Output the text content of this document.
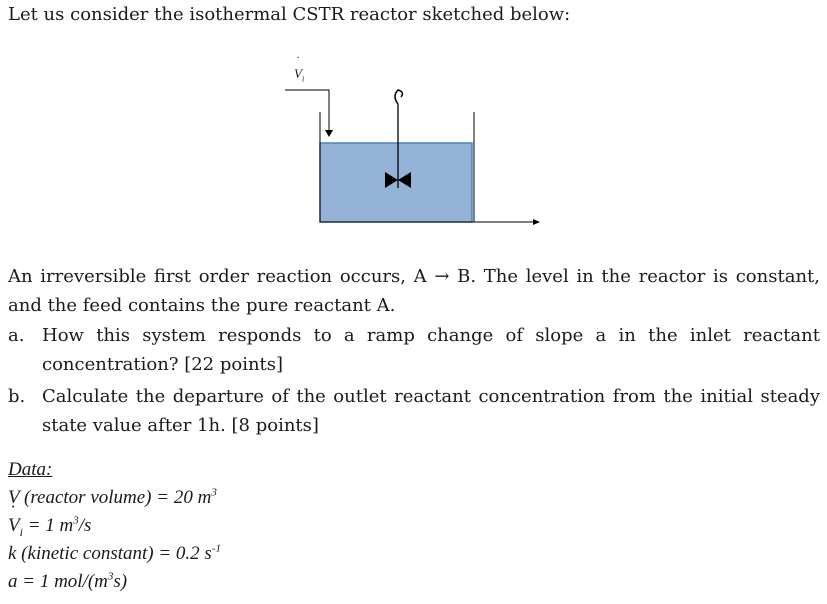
Let us consider the isothermal CSTR reactor sketched below:
˙ $V_i$
An irreversible first order reaction occurs, A → B. The level in the reactor is constant, and the feed contains the pure reactant A.
a. How this system responds to a ramp change of slope a in the inlet reactant concentration? [22 points]
b. Calculate the departure of the outlet reactant concentration from the initial steady state value after 1h. [8 points]
Data:
V (reactor volume) = 20 $m^3$
˙ $V_i = 1$ $m^3/s$
k (kinetic constant) = 0.2 $s^{-1}$
a = 1 mol/$(m^3s)$
